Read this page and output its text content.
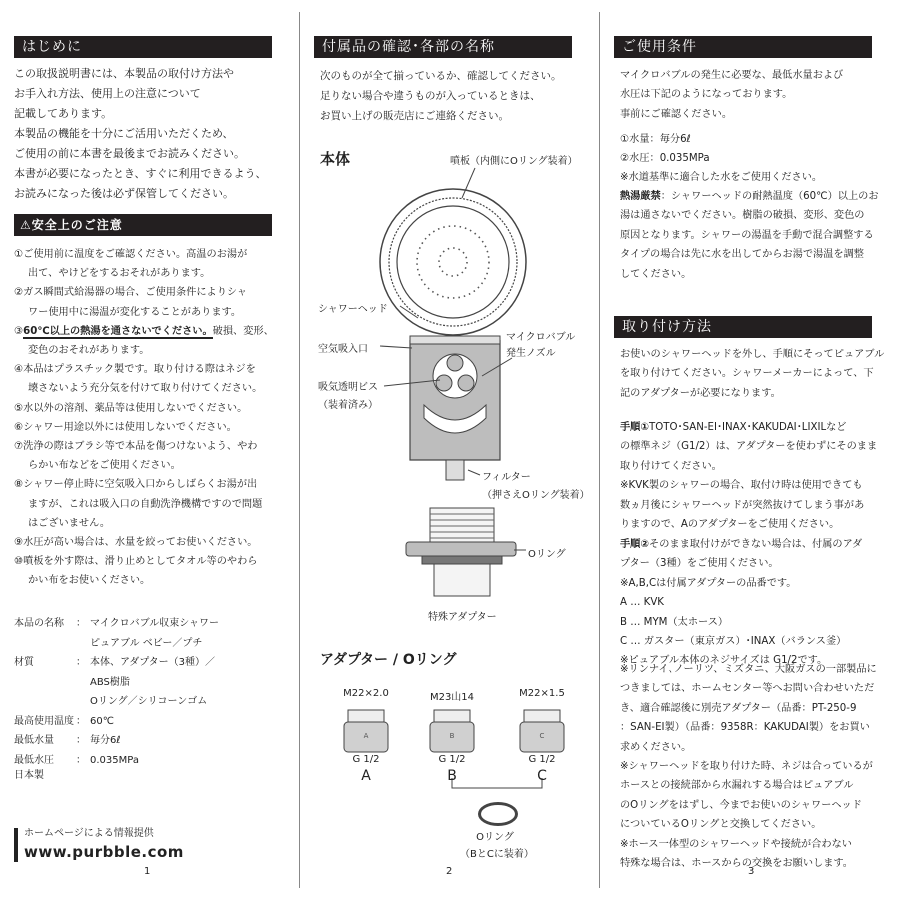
はじめに
この取扱説明書には、本製品の取付け方法や
お手入れ方法、使用上の注意について
記載してあります。
本製品の機能を十分にご活用いただくため、
ご使用の前に本書を最後までお読みください。
本書が必要になったとき、すぐに利用できるよう、
お読みになった後は必ず保管してください。
⚠安全上のご注意
①ご使用前に温度をご確認ください。高温のお湯が
出て、やけどをするおそれがあります。
②ガス瞬間式給湯器の場合、ご使用条件によりシャ
ワー使用中に湯温が変化することがあります。
③60℃以上の熱湯を通さないでください。破損、変形、
変色のおそれがあります。
④本品はプラスチック製です。取り付ける際はネジを
壊さないよう充分気を付けて取り付けてください。
⑤水以外の溶剤、薬品等は使用しないでください。
⑥シャワー用途以外には使用しないでください。
⑦洗浄の際はブラシ等で本品を傷つけないよう、やわ
らかい布などをご使用ください。
⑧シャワー停止時に空気吸入口からしばらくお湯が出
ますが、これは吸入口の自動洗浄機構ですので問題
はございません。
⑨水圧が高い場合は、水量を絞ってお使いください。
⑩噴板を外す際は、滑り止めとしてタオル等のやわら
かい布をお使いください。
本品の名称	： マイクロバブル収束シャワー
ピュアブル ベビー／プチ
材質	： 本体、アダプター（3種）／
ABS樹脂
Oリング／シリコーンゴム
最高使用温度 ： 60℃
最低水量	： 毎分6ℓ
最低水圧	： 0.035MPa
日本製
ホームページによる情報提供
www.purbble.com
1
付属品の確認･各部の名称
次のものが全て揃っているか、確認してください。
足りない場合や違うものが入っているときは、
お買い上げの販売店にご連絡ください。
本体	噴板（内側にOリング装着）
シャワーヘッド
空気吸入口
マイクロバブル
発生ノズル
吸気透明ビス
（装着済み）
フィルター
（押さえOリング装着）
Oリング
特殊アダプター
アダプター / Oリング
M22×2.0
A
G 1/2
A
M23山14
B
G 1/2
B
M22×1.5
C
G 1/2
C
Oリング
（BとCに装着）
2
ご使用条件
マイクロバブルの発生に必要な、最低水量および
水圧は下記のようになっております。
事前にご確認ください。
①水量：毎分6ℓ
②水圧：0.035MPa
※水道基準に適合した水をご使用ください。
熱湯厳禁：シャワーヘッドの耐熱温度（60℃）以上のお
湯は通さないでください。樹脂の破損、変形、変色の
原因となります。シャワーの湯温を手動で混合調整する
タイプの場合は先に水を出してからお湯で湯温を調整
してください。
取り付け方法
お使いのシャワーヘッドを外し、手順にそってピュアブル
を取り付けてください。シャワーメーカーによって、下
記のアダプターが必要になります。
手順①TOTO･SAN-EI･INAX･KAKUDAI･LIXILなど
の標準ネジ（G1/2）は、アダプターを使わずにそのまま
取り付けてください。
※KVK製のシャワーの場合、取付け時は使用できても
数ヵ月後にシャワーヘッドが突然抜けてしまう事があ
りますので、Aのアダプターをご使用ください。
手順②そのまま取付けができない場合は、付属のアダ
プター（3種）をご使用ください。
※A,B,Cは付属アダプターの品番です。
A … KVK
B … MYM（太ホース）
C … ガスター（東京ガス）･INAX（バランス釜）
※ピュアブル本体のネジサイズは G1/2です。
※リンナイ､ノーリツ、ミズタニ、大阪ガスの一部製品に
つきましては、ホームセンター等へお問い合わせいただ
き、適合確認後に別売アダプター（品番：PT-250-9
：SAN-EI製）（品番：9358R：KAKUDAI製）をお買い
求めください。
※シャワーヘッドを取り付けた時、ネジは合っているが
ホースとの接続部から水漏れする場合はピュアブル
のOリングをはずし、今までお使いのシャワーヘッド
についているOリングと交換してください。
※ホース一体型のシャワーヘッドや接続が合わない
特殊な場合は、ホースからの交換をお願いします。
3
